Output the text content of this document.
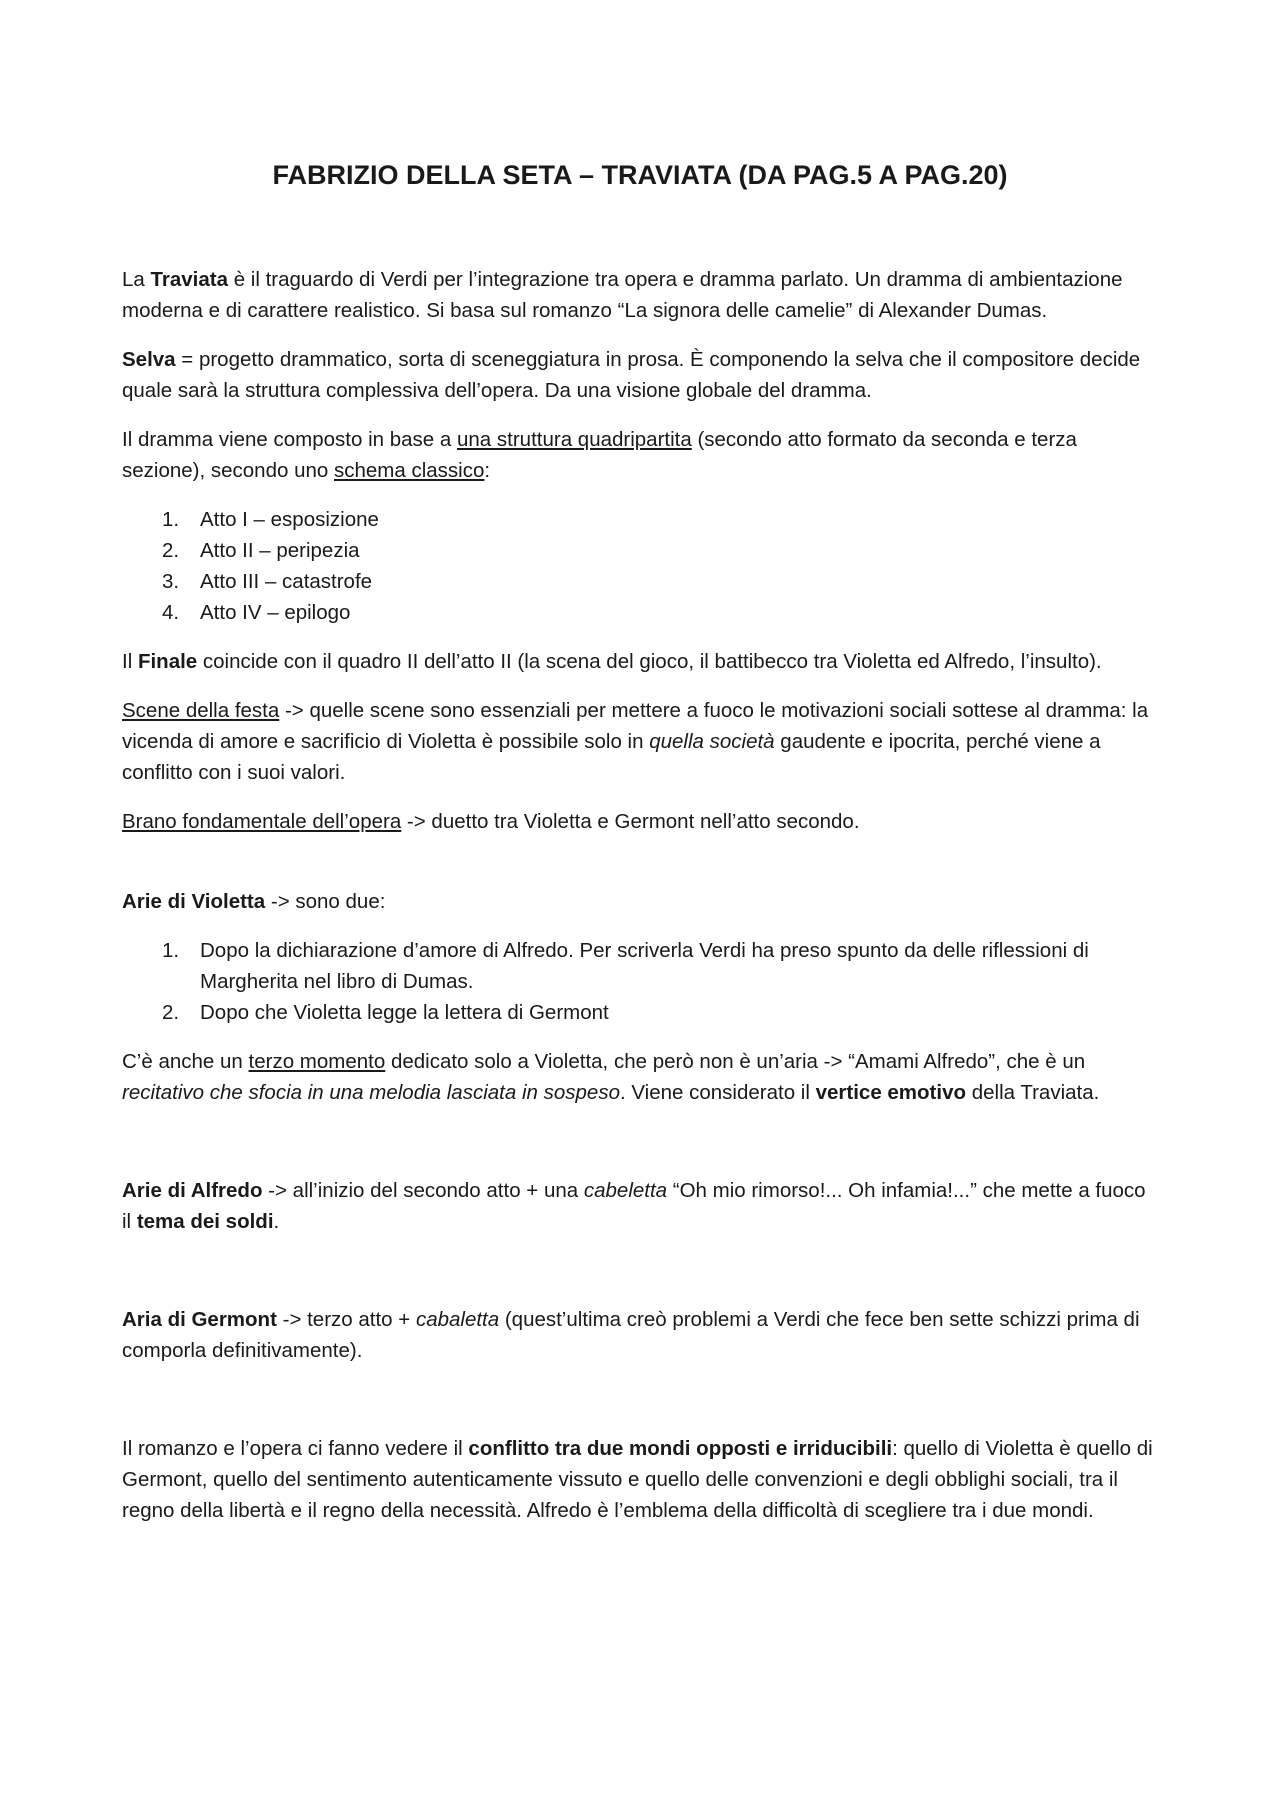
FABRIZIO DELLA SETA – TRAVIATA (DA PAG.5 A PAG.20)

La Traviata è il traguardo di Verdi per l’integrazione tra opera e dramma parlato. Un dramma di ambientazione moderna e di carattere realistico. Si basa sul romanzo “La signora delle camelie” di Alexander Dumas.

Selva = progetto drammatico, sorta di sceneggiatura in prosa. È componendo la selva che il compositore decide quale sarà la struttura complessiva dell’opera. Da una visione globale del dramma.

Il dramma viene composto in base a una struttura quadripartita (secondo atto formato da seconda e terza sezione), secondo uno schema classico:

1. Atto I – esposizione
2. Atto II – peripezia
3. Atto III – catastrofe
4. Atto IV – epilogo

Il Finale coincide con il quadro II dell’atto II (la scena del gioco, il battibecco tra Violetta ed Alfredo, l’insulto).

Scene della festa -> quelle scene sono essenziali per mettere a fuoco le motivazioni sociali sottese al dramma: la vicenda di amore e sacrificio di Violetta è possibile solo in quella società gaudente e ipocrita, perché viene a conflitto con i suoi valori.

Brano fondamentale dell’opera -> duetto tra Violetta e Germont nell’atto secondo.

Arie di Violetta -> sono due:

1. Dopo la dichiarazione d’amore di Alfredo. Per scriverla Verdi ha preso spunto da delle riflessioni di Margherita nel libro di Dumas.
2. Dopo che Violetta legge la lettera di Germont

C’è anche un terzo momento dedicato solo a Violetta, che però non è un’aria -> “Amami Alfredo”, che è un recitativo che sfocia in una melodia lasciata in sospeso. Viene considerato il vertice emotivo della Traviata.

Arie di Alfredo -> all’inizio del secondo atto + una cabeletta “Oh mio rimorso!... Oh infamia!...” che mette a fuoco il tema dei soldi.

Aria di Germont -> terzo atto + cabaletta (quest’ultima creò problemi a Verdi che fece ben sette schizzi prima di comporla definitivamente).

Il romanzo e l’opera ci fanno vedere il conflitto tra due mondi opposti e irriducibili: quello di Violetta è quello di Germont, quello del sentimento autenticamente vissuto e quello delle convenzioni e degli obblighi sociali, tra il regno della libertà e il regno della necessità. Alfredo è l’emblema della difficoltà di scegliere tra i due mondi.
